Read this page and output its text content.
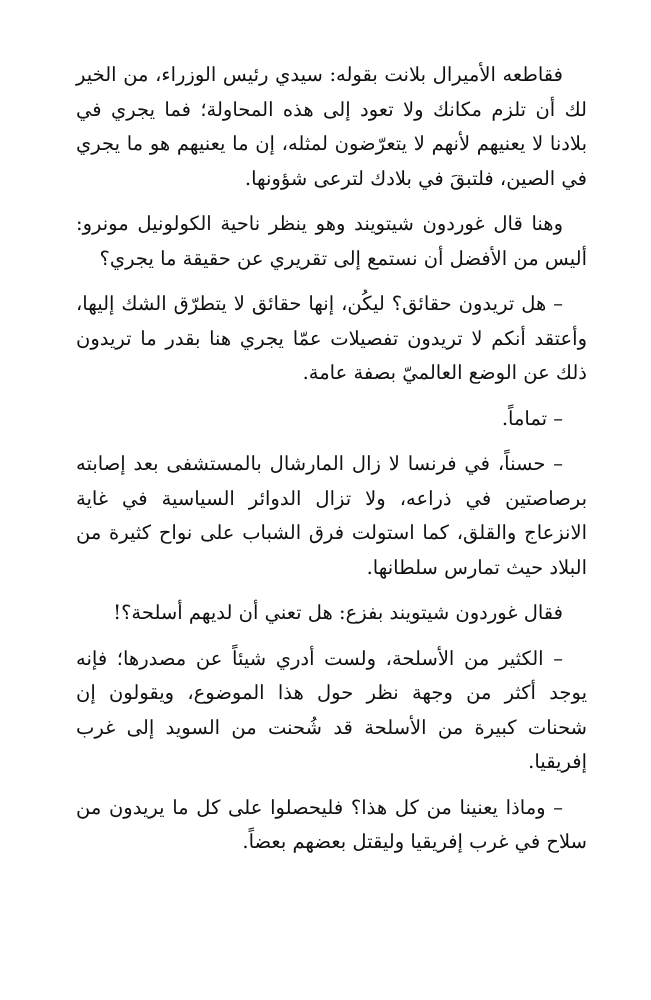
فقاطعه الأميرال بلانت بقوله: سيدي رئيس الوزراء، من الخير لك أن تلزم مكانك ولا تعود إلى هذه المحاولة؛ فما يجري في بلادنا لا يعنيهم لأنهم لا يتعرّضون لمثله، إن ما يعنيهم هو ما يجري في الصين، فلتبقَ في بلادك لترعى شؤونها.

وهنا قال غوردون شيتويند وهو ينظر ناحية الكولونيل مونرو: أليس من الأفضل أن نستمع إلى تقريري عن حقيقة ما يجري؟

– هل تريدون حقائق؟ ليكُن، إنها حقائق لا يتطرّق الشك إليها، وأعتقد أنكم لا تريدون تفصيلات عمّا يجري هنا بقدر ما تريدون ذلك عن الوضع العالميّ بصفة عامة.

– تماماً.

– حسناً، في فرنسا لا زال المارشال بالمستشفى بعد إصابته برصاصتين في ذراعه، ولا تزال الدوائر السياسية في غاية الانزعاج والقلق، كما استولت فرق الشباب على نواح كثيرة من البلاد حيث تمارس سلطانها.

فقال غوردون شيتويند بفزع: هل تعني أن لديهم أسلحة؟!

– الكثير من الأسلحة، ولست أدري شيئاً عن مصدرها؛ فإنه يوجد أكثر من وجهة نظر حول هذا الموضوع، ويقولون إن شحنات كبيرة من الأسلحة قد شُحنت من السويد إلى غرب إفريقيا.

– وماذا يعنينا من كل هذا؟ فليحصلوا على كل ما يريدون من سلاح في غرب إفريقيا وليقتل بعضهم بعضاً.
